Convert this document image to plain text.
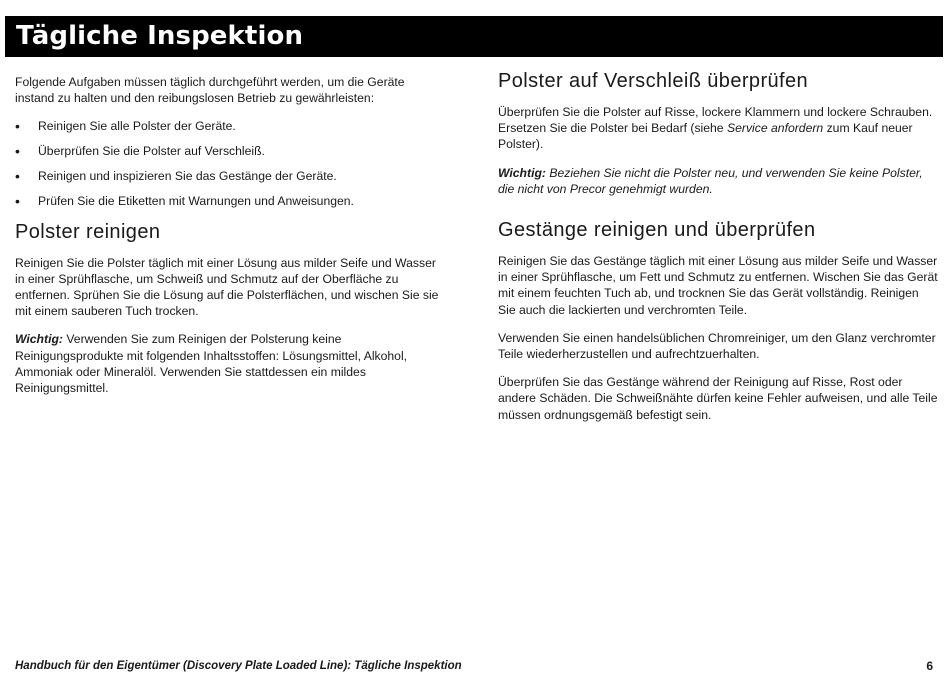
Tägliche Inspektion

Folgende Aufgaben müssen täglich durchgeführt werden, um die Geräte instand zu halten und den reibungslosen Betrieb zu gewährleisten:

• Reinigen Sie alle Polster der Geräte.
• Überprüfen Sie die Polster auf Verschleiß.
• Reinigen und inspizieren Sie das Gestänge der Geräte.
• Prüfen Sie die Etiketten mit Warnungen und Anweisungen.
Polster reinigen

Reinigen Sie die Polster täglich mit einer Lösung aus milder Seife und Wasser in einer Sprühflasche, um Schweiß und Schmutz auf der Oberfläche zu entfernen. Sprühen Sie die Lösung auf die Polsterflächen, und wischen Sie sie mit einem sauberen Tuch trocken.

Wichtig: Verwenden Sie zum Reinigen der Polsterung keine Reinigungsprodukte mit folgenden Inhaltsstoffen: Lösungsmittel, Alkohol, Ammoniak oder Mineralöl. Verwenden Sie stattdessen ein mildes Reinigungsmittel.

Polster auf Verschleiß überprüfen

Überprüfen Sie die Polster auf Risse, lockere Klammern und lockere Schrauben. Ersetzen Sie die Polster bei Bedarf (siehe Service anfordern zum Kauf neuer Polster).

Wichtig: Beziehen Sie nicht die Polster neu, und verwenden Sie keine Polster, die nicht von Precor genehmigt wurden.

Gestänge reinigen und überprüfen

Reinigen Sie das Gestänge täglich mit einer Lösung aus milder Seife und Wasser in einer Sprühflasche, um Fett und Schmutz zu entfernen. Wischen Sie das Gerät mit einem feuchten Tuch ab, und trocknen Sie das Gerät vollständig. Reinigen Sie auch die lackierten und verchromten Teile.

Verwenden Sie einen handelsüblichen Chromreiniger, um den Glanz verchromter Teile wiederherzustellen und aufrechtzuerhalten.

Überprüfen Sie das Gestänge während der Reinigung auf Risse, Rost oder andere Schäden. Die Schweißnähte dürfen keine Fehler aufweisen, und alle Teile müssen ordnungsgemäß befestigt sein.

Handbuch für den Eigentümer (Discovery Plate Loaded Line): Tägliche Inspektion	6
